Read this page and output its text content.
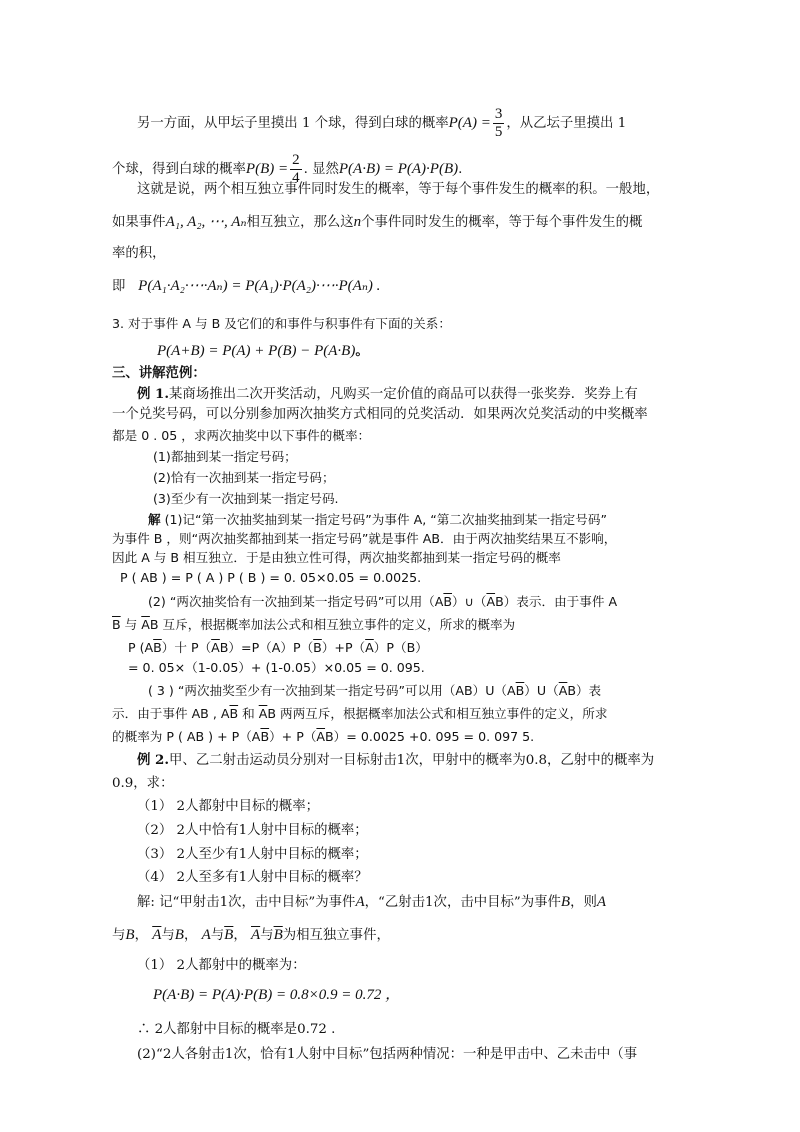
另一方面，从甲坛子里摸出 1 个球，得到白球的概率$P(A) = \frac{3}{5}$ ，从乙坛子里摸出 1
个球，得到白球的概率$P(B) = \frac{2}{4}$ . 显然P(A·B) = P(A)·P(B).
这就是说，两个相互独立事件同时发生的概率，等于每个事件发生的概率的积。一般地，
如果事件A₁, A₂, ⋯, Aₙ相互独立，那么这n个事件同时发生的概率，等于每个事件发生的概
率的积，
即 P(A₁·A₂·⋯·Aₙ) = P(A₁)·P(A₂)·⋯·P(Aₙ) .
3. 对于事件 A 与 B 及它们的和事件与积事件有下面的关系：
P(A+B) = P(A) + P(B) − P(A·B)。
三、讲解范例：
例 1.某商场推出二次开奖活动，凡购买一定价值的商品可以获得一张奖券．奖券上有
一个兑奖号码，可以分别参加两次抽奖方式相同的兑奖活动．如果两次兑奖活动的中奖概率
都是 0 . 05 ，求两次抽奖中以下事件的概率：
(1)都抽到某一指定号码；
(2)恰有一次抽到某一指定号码；
(3)至少有一次抽到某一指定号码.
解 (1)记“第一次抽奖抽到某一指定号码”为事件 A, “第二次抽奖抽到某一指定号码”
为事件 B ，则“两次抽奖都抽到某一指定号码”就是事件 AB．由于两次抽奖结果互不影响，
因此 A 与 B 相互独立．于是由独立性可得，两次抽奖都抽到某一指定号码的概率
P ( AB ) = P ( A ) P ( B ) = 0. 05×0.05 = 0.0025.
(2) “两次抽奖恰有一次抽到某一指定号码”可以用$(A\overline{B})\cup(\overline{A}B)$表示．由于事件 A
$\overline{B}$ 与 $\overline{A}B$ 互斥，根据概率加法公式和相互独立事件的定义，所求的概率为
P $(A\overline{B})$十 $P(\overline{A}B)=P(A)P(\overline{B})+P(\overline{A})P(B)$
= 0. 05×（1-0.05）+ (1-0.05）×0.05 = 0. 095.
( 3 ) “两次抽奖至少有一次抽到某一指定号码”可以用$(AB)U(A\overline{B})U(\overline{A}B)$表
示．由于事件 AB , $A\overline{B}$ 和 $\overline{A}B$ 两两互斥，根据概率加法公式和相互独立事件的定义，所求
的概率为 P ( AB ) + $P(A\overline{B})+ P(\overline{A}B)= 0.0025 +0$. 095 = 0. 097 5.
例 2.甲、乙二射击运动员分别对一目标射击1次，甲射中的概率为0.8，乙射中的概率为
0.9，求：
（1） 2人都射中目标的概率；
（2） 2人中恰有1人射中目标的概率；
（3） 2人至少有1人射中目标的概率；
（4） 2人至多有1人射中目标的概率？
解: 记“甲射击1次，击中目标”为事件A，“乙射击1次，击中目标”为事件B，则A
与B， $\overline{A}$与B， A与$\overline{B}$， $\overline{A}$与$\overline{B}$为相互独立事件，
（1） 2人都射中的概率为：
P(A·B) = P(A)·P(B) = 0.8×0.9 = 0.72 ，
∴ 2人都射中目标的概率是0.72 .
(2)“2人各射击1次，恰有1人射中目标”包括两种情况：一种是甲击中、乙未击中（事
